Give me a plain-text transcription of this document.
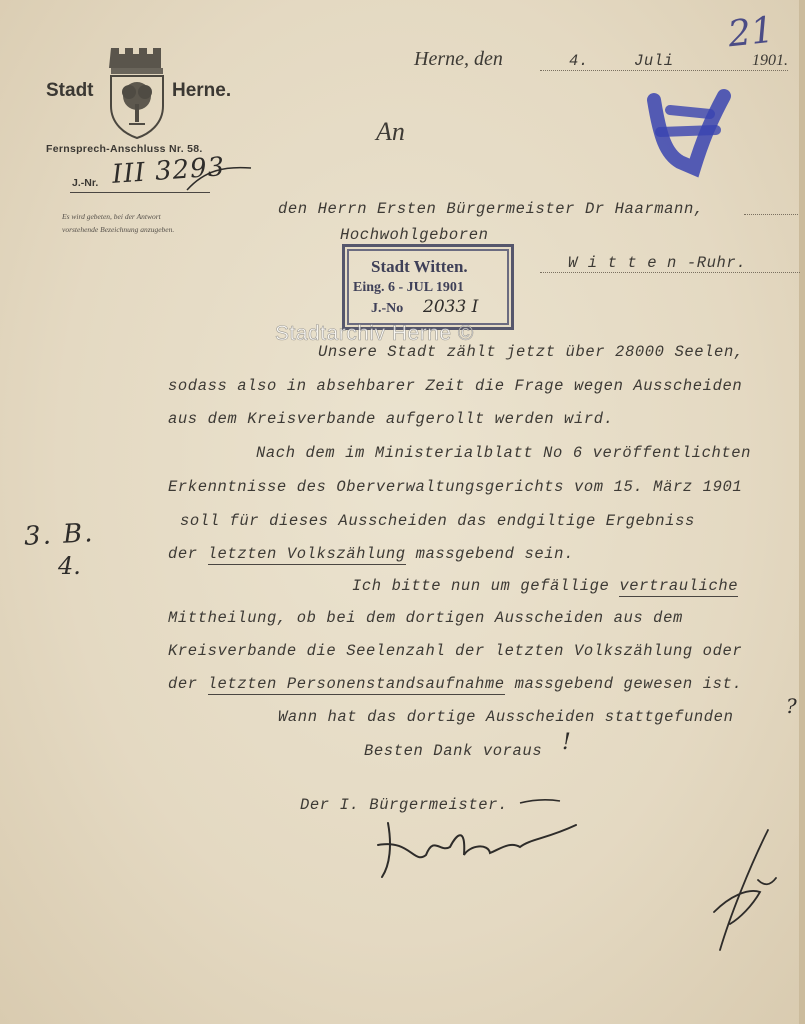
Stadt	Herne.
Fernsprech-Anschluss Nr. 58.
J.-Nr. III 3293
Es wird gebeten, bei der Antwort
vorstehende Bezeichnung anzugeben.
Herne, den	4.	Juli	1901.
21
An
den Herrn Ersten Bürgermeister Dr Haarmann,
Hochwohlgeboren
W i t t e n -Ruhr.
Stadt Witten.
Eing. 6 - JUL 1901
J.-No 2033 I
Unsere Stadt zählt jetzt über 28000 Seelen,
sodass also in absehbarer Zeit die Frage wegen Ausscheiden
aus dem Kreisverbande aufgerollt werden wird.
Nach dem im Ministerialblatt No 6 veröffentlichten
Erkenntnisse des Oberverwaltungsgerichts vom 15. März 1901
soll für dieses Ausscheiden das endgiltige Ergebniss
der letzten Volkszählung massgebend sein.
Ich bitte nun um gefällige vertrauliche
Mittheilung, ob bei dem dortigen Ausscheiden aus dem
Kreisverbande die Seelenzahl der letzten Volkszählung oder
der letzten Personenstandsaufnahme massgebend gewesen ist.
Wann hat das dortige Ausscheiden stattgefunden	?
Besten Dank voraus !
Der I. Bürgermeister.
3. B.
4.
Stadtarchiv Herne ©
